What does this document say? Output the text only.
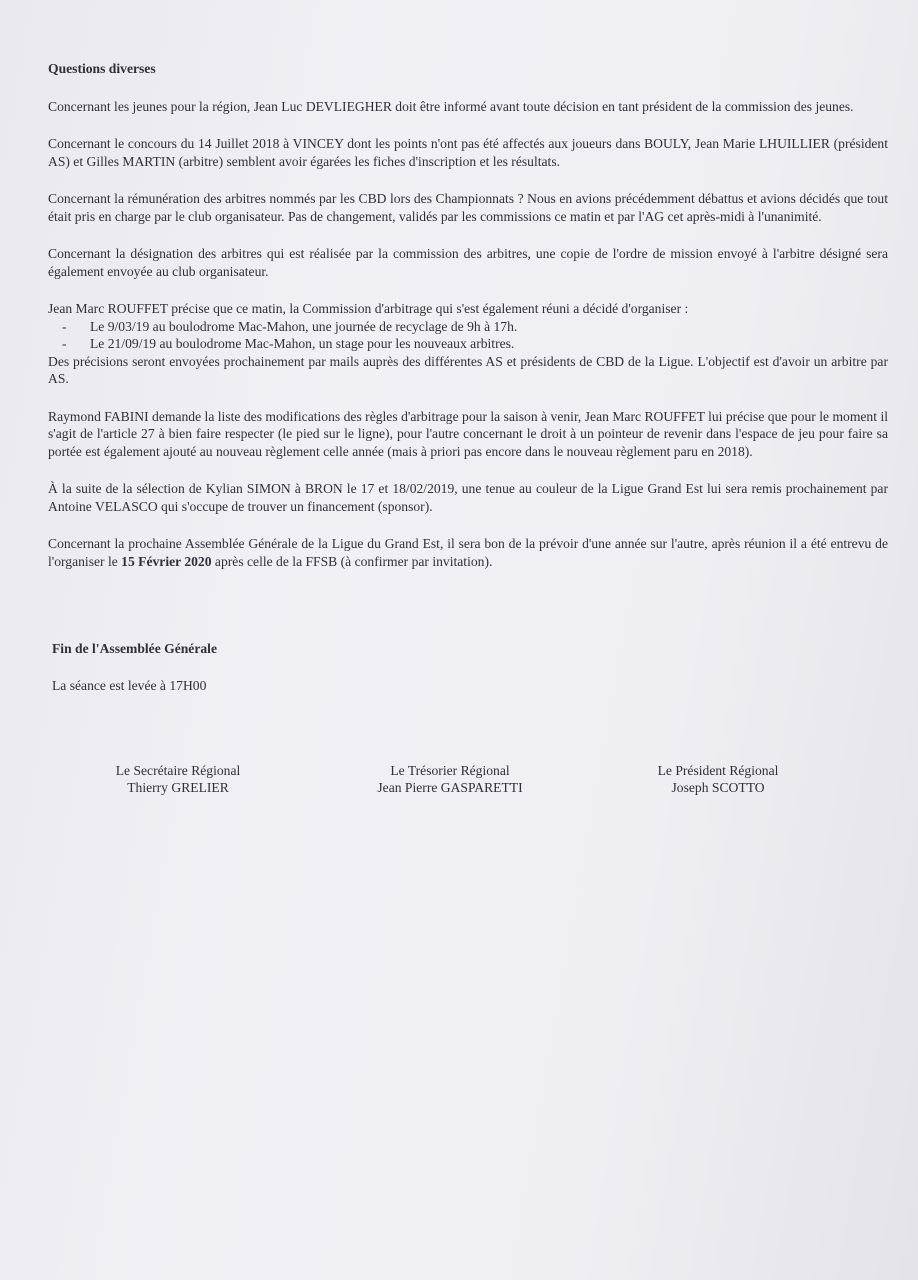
Questions diverses

Concernant les jeunes pour la région, Jean Luc DEVLIEGHER doit être informé avant toute décision en tant président de la commission des jeunes.

Concernant le concours du 14 Juillet 2018 à VINCEY dont les points n'ont pas été affectés aux joueurs dans BOULY, Jean Marie LHUILLIER (président AS) et Gilles MARTIN (arbitre) semblent avoir égarées les fiches d'inscription et les résultats.

Concernant la rémunération des arbitres nommés par les CBD lors des Championnats ? Nous en avions précédemment débattus et avions décidés que tout était pris en charge par le club organisateur. Pas de changement, validés par les commissions ce matin et par l'AG cet après-midi à l'unanimité.

Concernant la désignation des arbitres qui est réalisée par la commission des arbitres, une copie de l'ordre de mission envoyé à l'arbitre désigné sera également envoyée au club organisateur.

Jean Marc ROUFFET précise que ce matin, la Commission d'arbitrage qui s'est également réuni a décidé d'organiser :

- Le 9/03/19 au boulodrome Mac-Mahon, une journée de recyclage de 9h à 17h.
- Le 21/09/19 au boulodrome Mac-Mahon, un stage pour les nouveaux arbitres.

Des précisions seront envoyées prochainement par mails auprès des différentes AS et présidents de CBD de la Ligue. L'objectif est d'avoir un arbitre par AS.

Raymond FABINI demande la liste des modifications des règles d'arbitrage pour la saison à venir, Jean Marc ROUFFET lui précise que pour le moment il s'agit de l'article 27 à bien faire respecter (le pied sur le ligne), pour l'autre concernant le droit à un pointeur de revenir dans l'espace de jeu pour faire sa portée est également ajouté au nouveau règlement celle année (mais à priori pas encore dans le nouveau règlement paru en 2018).

À la suite de la sélection de Kylian SIMON à BRON le 17 et 18/02/2019, une tenue au couleur de la Ligue Grand Est lui sera remis prochainement par Antoine VELASCO qui s'occupe de trouver un financement (sponsor).

Concernant la prochaine Assemblée Générale de la Ligue du Grand Est, il sera bon de la prévoir d'une année sur l'autre, après réunion il a été entrevu de l'organiser le 15 Février 2020 après celle de la FFSB (à confirmer par invitation).

Fin de l'Assemblée Générale
La séance est levée à 17H00
Le Secrétaire Régional
Thierry GRELIER
Le Trésorier Régional
Jean Pierre GASPARETTI
Le Président Régional
Joseph SCOTTO
